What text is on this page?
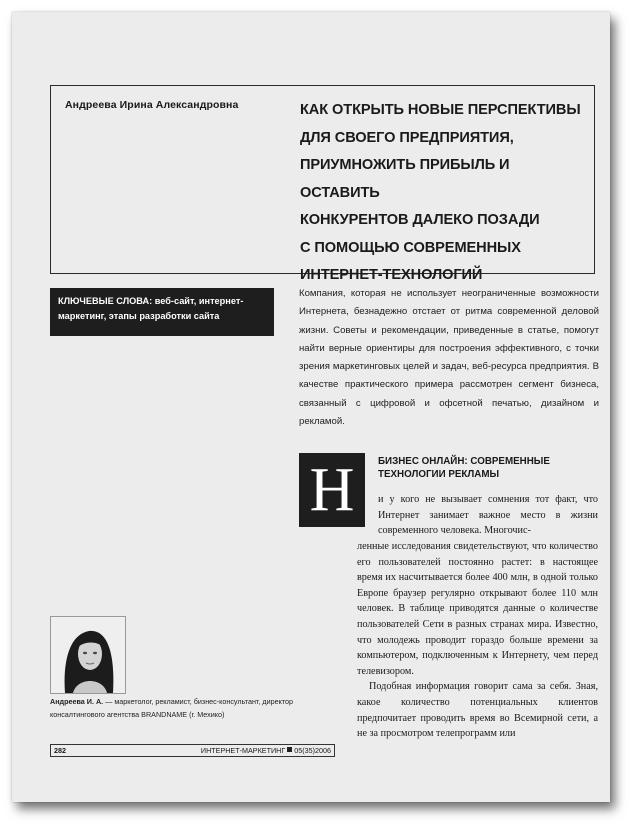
Андреева Ирина Александровна	КАК ОТКРЫТЬ НОВЫЕ ПЕРСПЕКТИВЫ
ДЛЯ СВОЕГО ПРЕДПРИЯТИЯ,
ПРИУМНОЖИТЬ ПРИБЫЛЬ И ОСТАВИТЬ
КОНКУРЕНТОВ ДАЛЕКО ПОЗАДИ
С ПОМОЩЬЮ СОВРЕМЕННЫХ
ИНТЕРНЕТ-ТЕХНОЛОГИЙ
КЛЮЧЕВЫЕ СЛОВА: веб-сайт, интернет-маркетинг, этапы разработки сайта
Компания, которая не использует неограниченные возможности Интернета, безнадежно отстает от ритма современной деловой жизни. Советы и рекомендации, приведенные в статье, помогут найти верные ориентиры для построения эффективного, с точки зрения маркетинговых целей и задач, веб-ресурса предприятия. В качестве практического примера рассмотрен сегмент бизнеса, связанный с цифровой и офсетной печатью, дизайном и рекламой.
Н	БИЗНЕС ОНЛАЙН: СОВРЕМЕННЫЕ ТЕХНОЛОГИИ РЕКЛАМЫ
и у кого не вызывает сомнения тот факт, что Интернет занимает важное место в жизни современного человека. Многочис-

ленные исследования свидетельствуют, что количество его пользователей постоянно растет: в настоящее время их насчитывается более 400 млн, в одной только Европе браузер регулярно открывают более 110 млн человек. В таблице приводятся данные о количестве пользователей Сети в разных странах мира. Известно, что молодежь проводит гораздо больше времени за компьютером, подключенным к Интернету, чем перед телевизором.

Подобная информация говорит сама за себя. Зная, какое количество потенциальных клиентов предпочитает проводить время во Всемирной сети, а не за просмотром телепрограмм или

Андреева И. А. — маркетолог, рекламист, бизнес-консультант, директор консалтингового агентства BRANDNAME (г. Мехико)
282	ИНТЕРНЕТ-МАРКЕТИНГ 05(35)2006
